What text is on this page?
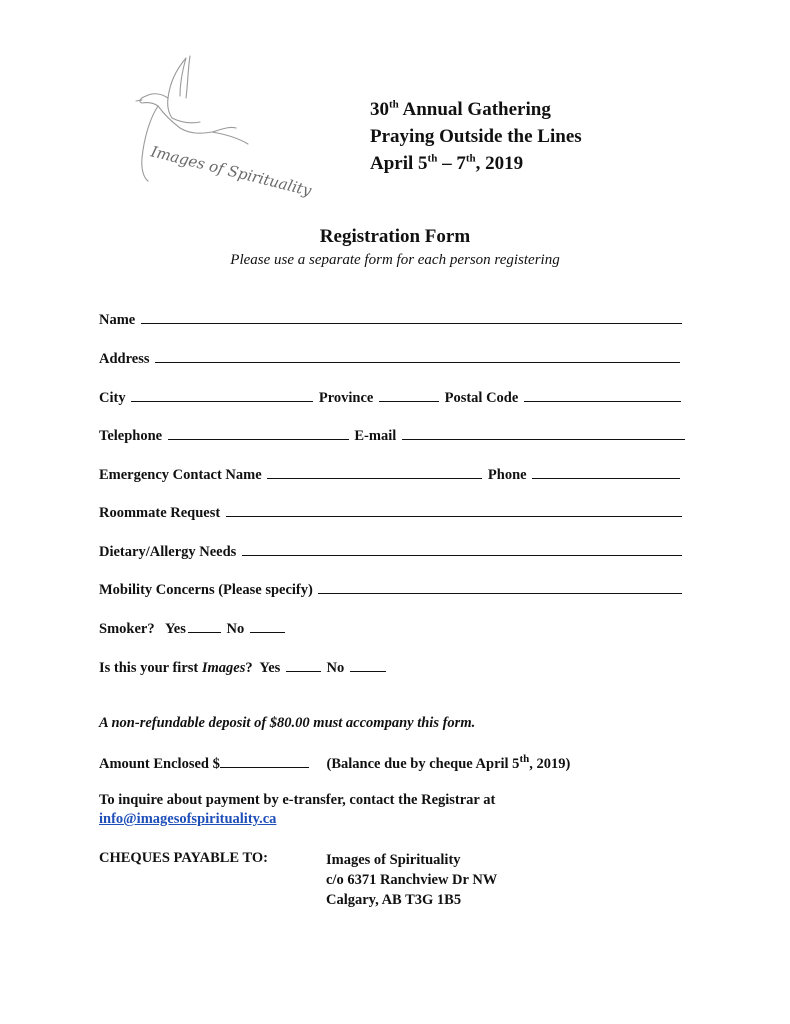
Images of Spirituality
30th Annual Gathering
Praying Outside the Lines
April 5th – 7th, 2019
Registration Form
Please use a separate form for each person registering
Name
Address
City	Province	Postal Code
Telephone	E-mail
Emergency Contact Name	Phone
Roommate Request
Dietary/Allergy Needs
Mobility Concerns (Please specify)
Smoker? Yes	No
Is this your first Images? Yes	No
A non-refundable deposit of $80.00 must accompany this form.
Amount Enclosed $	(Balance due by cheque April 5th, 2019)
To inquire about payment by e-transfer, contact the Registrar at
info@imagesofspirituality.ca
CHEQUES PAYABLE TO:	Images of Spirituality
c/o 6371 Ranchview Dr NW
Calgary, AB T3G 1B5
